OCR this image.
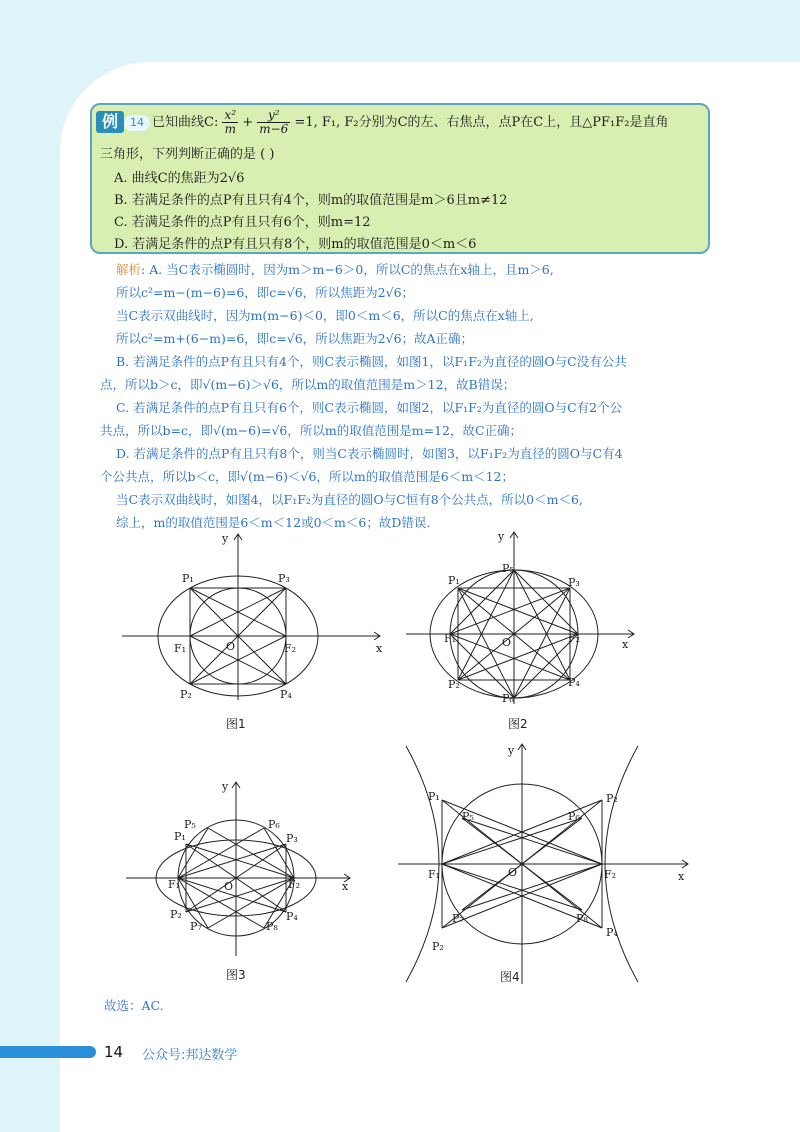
例	14 已知曲线C: $\frac{\text{x²}}{m} + \frac{\text{y²}}{m-6} =1$, F₁, F₂分别为C的左、右焦点，点P在C上，且△PF₁F₂是直角
三角形，下列判断正确的是 ( )
A. 曲线C的焦距为2√6
B. 若满足条件的点P有且只有4个，则m的取值范围是m＞6且m≠12
C. 若满足条件的点P有且只有6个，则m=12
D. 若满足条件的点P有且只有8个，则m的取值范围是0＜m＜6
解析: A. 当C表示椭圆时，因为m＞m−6＞0，所以C的焦点在x轴上，且m＞6,
所以c²=m−(m−6)=6，即c=√6，所以焦距为2√6；
当C表示双曲线时，因为m(m−6)＜0，即0＜m＜6，所以C的焦点在x轴上,
所以c²=m+(6−m)=6，即c=√6，所以焦距为2√6；故A正确；
B. 若满足条件的点P有且只有4个，则C表示椭圆，如图1，以F₁F₂为直径的圆O与C没有公共
点，所以b＞c，即√(m−6)＞√6，所以m的取值范围是m＞12，故B错误；
C. 若满足条件的点P有且只有6个，则C表示椭圆，如图2，以F₁F₂为直径的圆O与C有2个公
共点，所以b=c，即√(m−6)=√6，所以m的取值范围是m=12，故C正确；
D. 若满足条件的点P有且只有8个，则当C表示椭圆时，如图3，以F₁F₂为直径的圆O与C有4
个公共点，所以b＜c，即√(m−6)＜√6，所以m的取值范围是6＜m＜12；
当C表示双曲线时，如图4，以F₁F₂为直径的圆O与C恒有8个公共点，所以0＜m＜6,
综上，m的取值范围是6＜m＜12或0＜m＜6；故D错误.
x
y
O
P₁	P₃
F₁	F₂
P₂	P₄
图1
x
y
O
P₁
P₅
P₃
F₁	F₂
P₂
P₆
P₄
图2
x
y
O
P₁
P₅	P₆
P₃
F₁	F₂
P₂
P₇	P₈
P₄
图3
x
y
O
P₁	P₂
P₅	P₆
F₁	F₂
P₇	P₈
P₂
P₄
图4
故选：AC.
14 公众号:邦达数学
